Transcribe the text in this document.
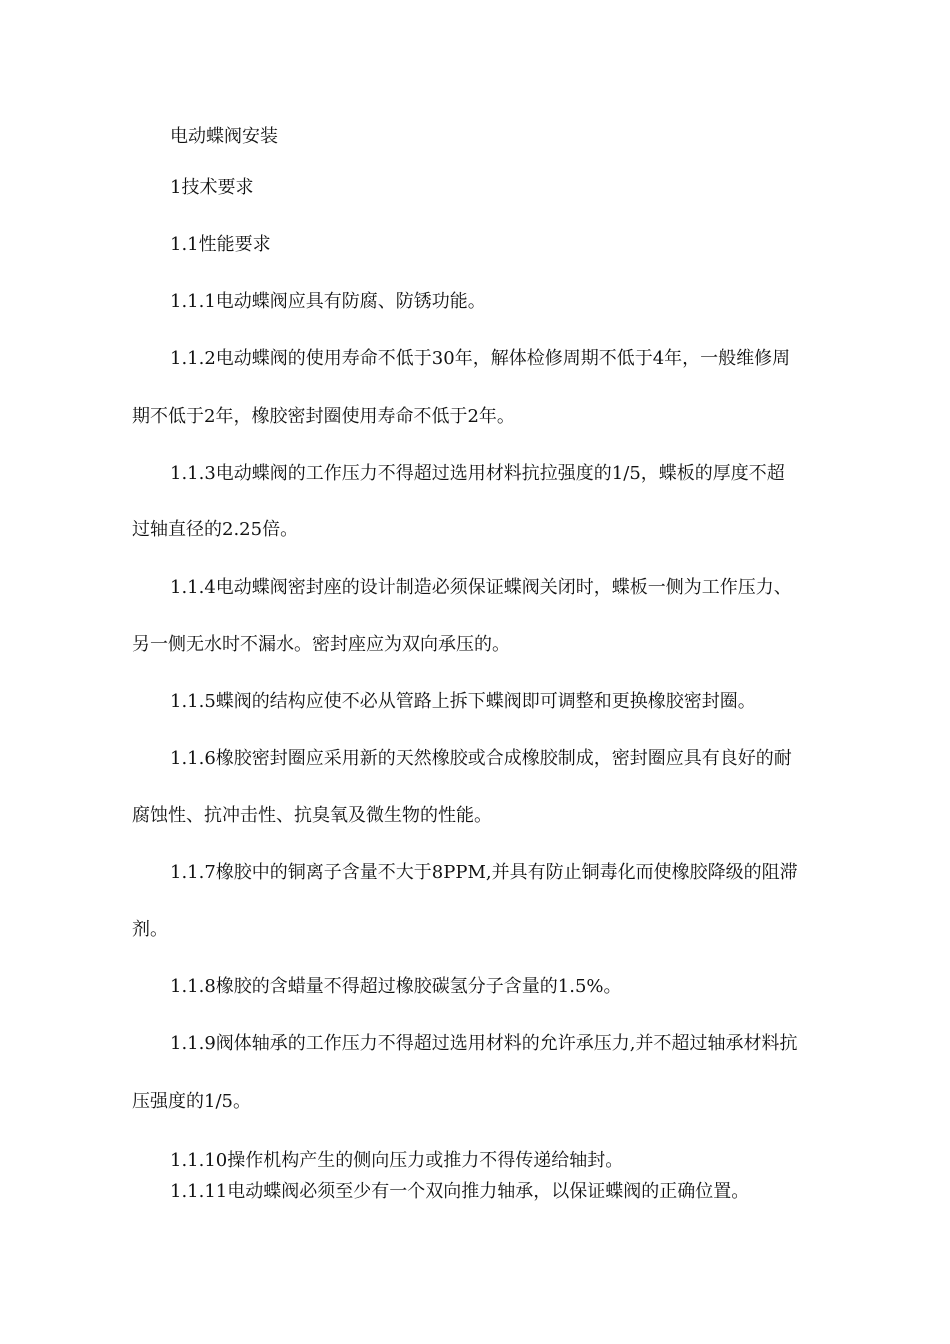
电动蝶阀安装
1技术要求
1.1性能要求
1.1.1电动蝶阀应具有防腐、防锈功能。
1.1.2电动蝶阀的使用寿命不低于30年，解体检修周期不低于4年，一般维修周
期不低于2年，橡胶密封圈使用寿命不低于2年。
1.1.3电动蝶阀的工作压力不得超过选用材料抗拉强度的1/5，蝶板的厚度不超
过轴直径的2.25倍。
1.1.4电动蝶阀密封座的设计制造必须保证蝶阀关闭时，蝶板一侧为工作压力、
另一侧无水时不漏水。密封座应为双向承压的。
1.1.5蝶阀的结构应使不必从管路上拆下蝶阀即可调整和更换橡胶密封圈。
1.1.6橡胶密封圈应采用新的天然橡胶或合成橡胶制成，密封圈应具有良好的耐
腐蚀性、抗冲击性、抗臭氧及微生物的性能。
1.1.7橡胶中的铜离子含量不大于8PPM,并具有防止铜毒化而使橡胶降级的阻滞
剂。
1.1.8橡胶的含蜡量不得超过橡胶碳氢分子含量的1.5%。
1.1.9阀体轴承的工作压力不得超过选用材料的允许承压力,并不超过轴承材料抗
压强度的1/5。
1.1.10操作机构产生的侧向压力或推力不得传递给轴封。
1.1.11电动蝶阀必须至少有一个双向推力轴承，以保证蝶阀的正确位置。
